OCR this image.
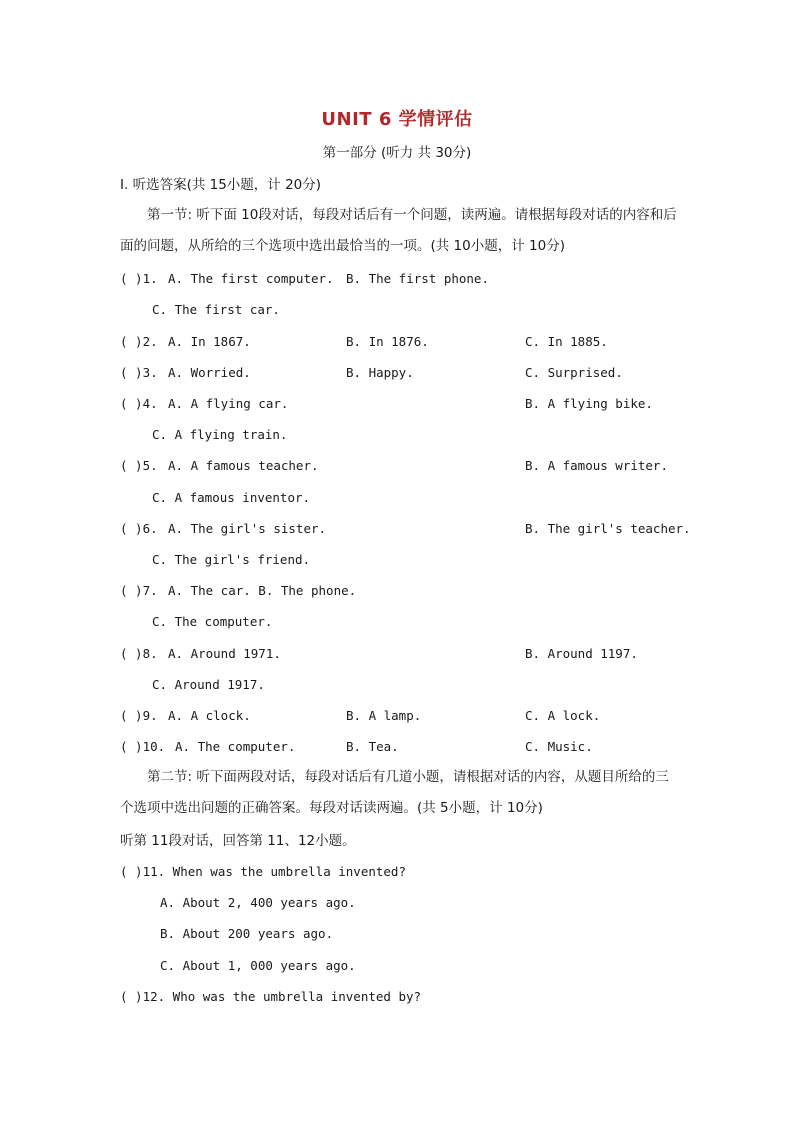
UNIT 6 学情评估
第一部分 (听力 共 30分)
Ⅰ. 听选答案(共 15小题，计 20分)
第一节: 听下面 10段对话，每段对话后有一个问题，读两遍。请根据每段对话的内容和后面的问题，从所给的三个选项中选出最恰当的一项。(共 10小题，计 10分)
( )1. A. The first computer. B. The first phone.
C. The first car.
( )2. A. In 1867.	B. In 1876.	C. In 1885.
( )3. A. Worried.	B. Happy.	C. Surprised.
( )4. A. A flying car.	B. A flying bike.
C. A flying train.
( )5. A. A famous teacher.	B. A famous writer.
C. A famous inventor.
( )6. A. The girl's sister.	B. The girl's teacher.
C. The girl's friend.
( )7. A. The car. B. The phone.
C. The computer.
( )8. A. Around 1971.	B. Around 1197.
C. Around 1917.
( )9. A. A clock.	B. A lamp.	C. A lock.
( )10. A. The computer.	B. Tea.	C. Music.
第二节: 听下面两段对话，每段对话后有几道小题，请根据对话的内容，从题目所给的三个选项中选出问题的正确答案。每段对话读两遍。(共 5小题，计 10分)
听第 11段对话，回答第 11、12小题。
( )11. When was the umbrella invented?
A. About 2, 400 years ago.
B. About 200 years ago.
C. About 1, 000 years ago.
( )12. Who was the umbrella invented by?
